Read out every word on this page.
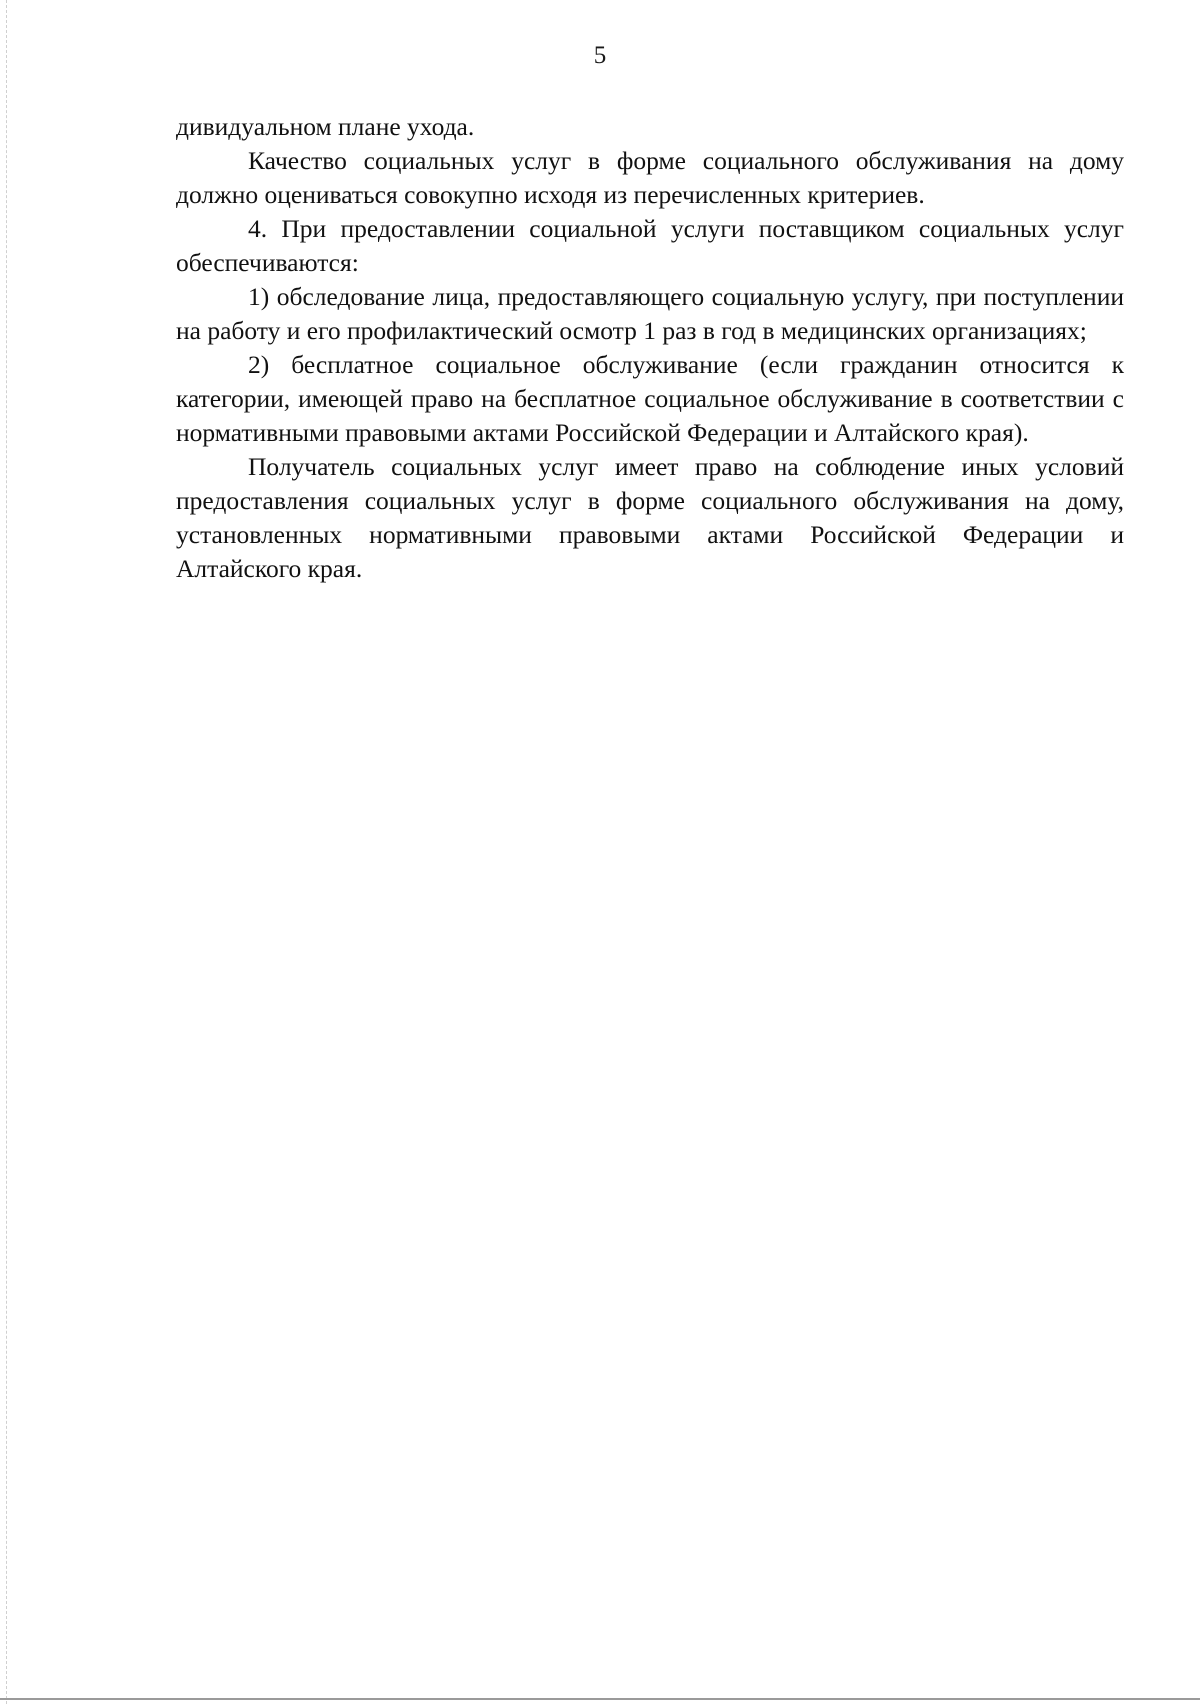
5

дивидуальном плане ухода.

Качество социальных услуг в форме социального обслуживания на дому должно оцениваться совокупно исходя из перечисленных критериев.

4. При предоставлении социальной услуги поставщиком социальных услуг обеспечиваются:

1) обследование лица, предоставляющего социальную услугу, при поступлении на работу и его профилактический осмотр 1 раз в год в медицинских организациях;

2) бесплатное социальное обслуживание (если гражданин относится к категории, имеющей право на бесплатное социальное обслуживание в соответствии с нормативными правовыми актами Российской Федерации и Алтайского края).

Получатель социальных услуг имеет право на соблюдение иных условий предоставления социальных услуг в форме социального обслуживания на дому, установленных нормативными правовыми актами Российской Федерации и Алтайского края.
